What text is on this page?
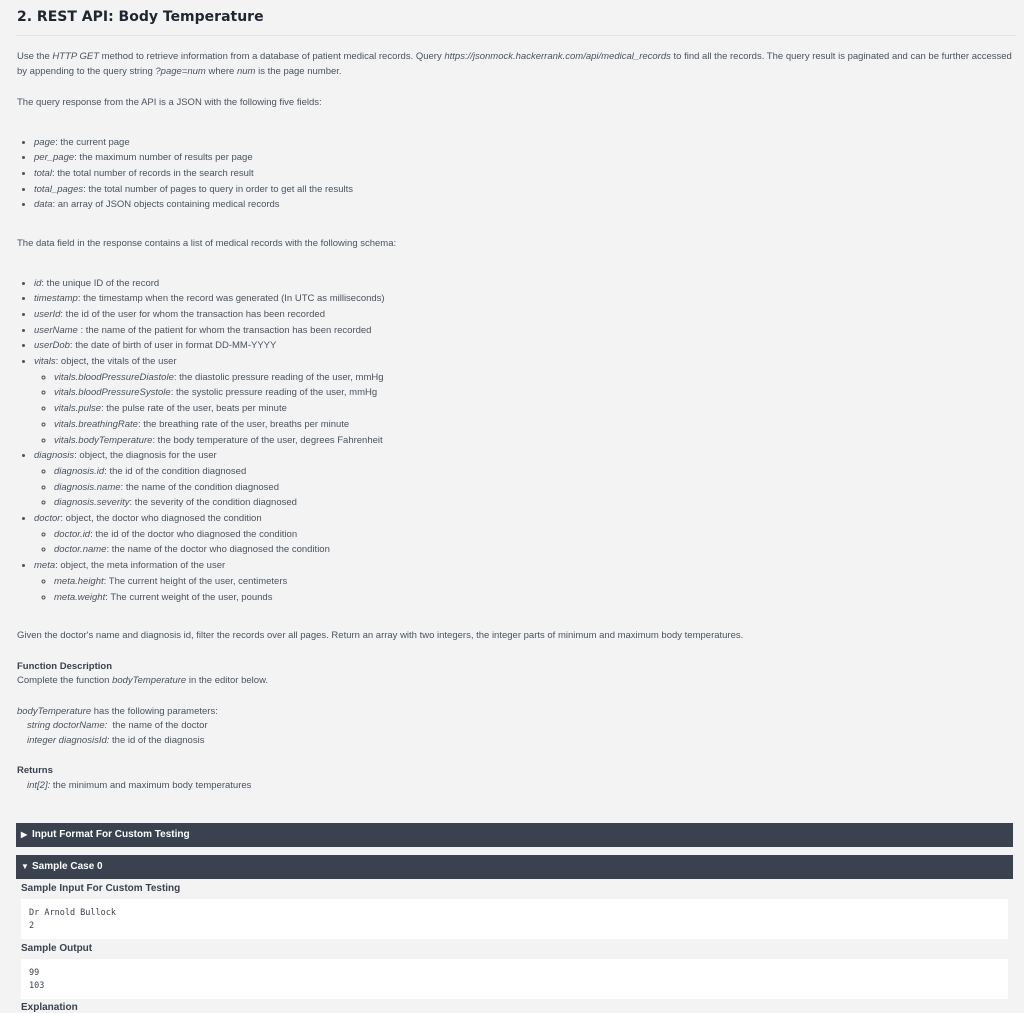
2. REST API: Body Temperature

Use the HTTP GET method to retrieve information from a database of patient medical records. Query https://jsonmock.hackerrank.com/api/medical_records to find all the records. The query result is paginated and can be further accessed by appending to the query string ?page=num where num is the page number.

The query response from the API is a JSON with the following five fields:

• page: the current page
• per_page: the maximum number of results per page
• total: the total number of records in the search result
• total_pages: the total number of pages to query in order to get all the results
• data: an array of JSON objects containing medical records

The data field in the response contains a list of medical records with the following schema:

• id: the unique ID of the record
• timestamp: the timestamp when the record was generated (In UTC as milliseconds)
• userId: the id of the user for whom the transaction has been recorded
• userName : the name of the patient for whom the transaction has been recorded
• userDob: the date of birth of user in format DD-MM-YYYY
• vitals: object, the vitals of the user
◦ vitals.bloodPressureDiastole: the diastolic pressure reading of the user, mmHg
◦ vitals.bloodPressureSystole: the systolic pressure reading of the user, mmHg
◦ vitals.pulse: the pulse rate of the user, beats per minute
◦ vitals.breathingRate: the breathing rate of the user, breaths per minute
◦ vitals.bodyTemperature: the body temperature of the user, degrees Fahrenheit
• diagnosis: object, the diagnosis for the user
◦ diagnosis.id: the id of the condition diagnosed
◦ diagnosis.name: the name of the condition diagnosed
◦ diagnosis.severity: the severity of the condition diagnosed
• doctor: object, the doctor who diagnosed the condition
◦ doctor.id: the id of the doctor who diagnosed the condition
◦ doctor.name: the name of the doctor who diagnosed the condition
• meta: object, the meta information of the user
◦ meta.height: The current height of the user, centimeters
◦ meta.weight: The current weight of the user, pounds

Given the doctor's name and diagnosis id, filter the records over all pages. Return an array with two integers, the integer parts of minimum and maximum body temperatures.

Function Description

Complete the function bodyTemperature in the editor below.

bodyTemperature has the following parameters:

string doctorName:  the name of the doctor

integer diagnosisId: the id of the diagnosis

Returns

int[2]: the minimum and maximum body temperatures

▶ Input Format For Custom Testing
▼ Sample Case 0
Sample Input For Custom Testing
Dr Arnold Bullock
2
Sample Output
99
103
Explanation
